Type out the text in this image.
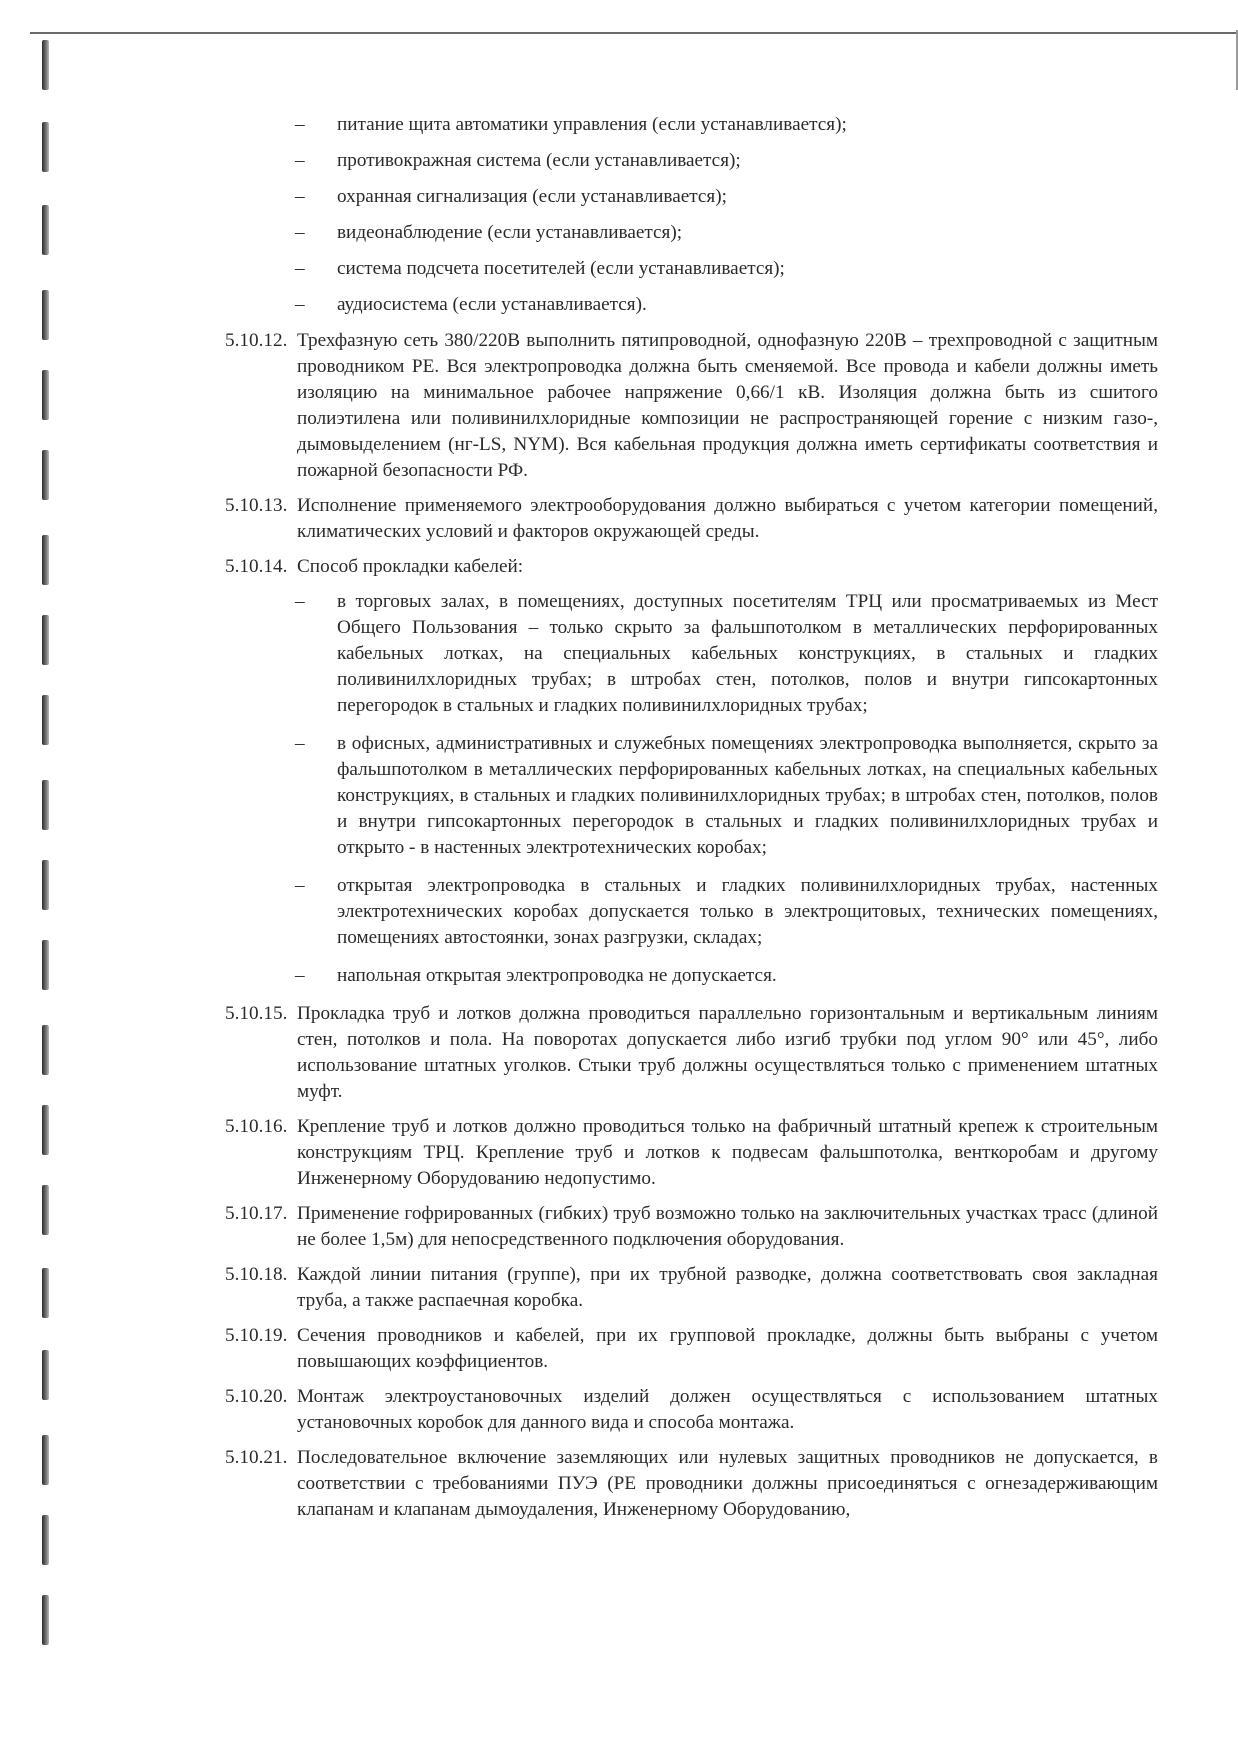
–	питание щита автоматики управления (если устанавливается);
–	противокражная система (если устанавливается);
–	охранная сигнализация (если устанавливается);
–	видеонаблюдение (если устанавливается);
–	система подсчета посетителей (если устанавливается);
–	аудиосистема (если устанавливается).
5.10.12. Трехфазную сеть 380/220В выполнить пятипроводной, однофазную 220В – трехпроводной с защитным проводником PE. Вся электропроводка должна быть сменяемой. Все провода и кабели должны иметь изоляцию на минимальное рабочее напряжение 0,66/1 кВ. Изоляция должна быть из сшитого полиэтилена или поливинилхлоридные композиции не распространяющей горение с низким газо-, дымовыделением (нг-LS, NYM). Вся кабельная продукция должна иметь сертификаты соответствия и пожарной безопасности РФ.

5.10.13. Исполнение применяемого электрооборудования должно выбираться с учетом категории помещений, климатических условий и факторов окружающей среды.

5.10.14. Способ прокладки кабелей:

–	в торговых залах, в помещениях, доступных посетителям ТРЦ или просматриваемых из Мест Общего Пользования – только скрыто за фальшпотолком в металлических перфорированных кабельных лотках, на специальных кабельных конструкциях, в стальных и гладких поливинилхлоридных трубах; в штробах стен, потолков, полов и внутри гипсокартонных перегородок в стальных и гладких поливинилхлоридных трубах;
–	в офисных, административных и служебных помещениях электропроводка выполняется, скрыто за фальшпотолком в металлических перфорированных кабельных лотках, на специальных кабельных конструкциях, в стальных и гладких поливинилхлоридных трубах; в штробах стен, потолков, полов и внутри гипсокартонных перегородок в стальных и гладких поливинилхлоридных трубах и открыто - в настенных электротехнических коробах;
–	открытая электропроводка в стальных и гладких поливинилхлоридных трубах, настенных электротехнических коробах допускается только в электрощитовых, технических помещениях, помещениях автостоянки, зонах разгрузки, складах;
–	напольная открытая электропроводка не допускается.
5.10.15. Прокладка труб и лотков должна проводиться параллельно горизонтальным и вертикальным линиям стен, потолков и пола. На поворотах допускается либо изгиб трубки под углом 90° или 45°, либо использование штатных уголков. Стыки труб должны осуществляться только с применением штатных муфт.

5.10.16. Крепление труб и лотков должно проводиться только на фабричный штатный крепеж к строительным конструкциям ТРЦ. Крепление труб и лотков к подвесам фальшпотолка, венткоробам и другому Инженерному Оборудованию недопустимо.

5.10.17. Применение гофрированных (гибких) труб возможно только на заключительных участках трасс (длиной не более 1,5м) для непосредственного подключения оборудования.

5.10.18. Каждой линии питания (группе), при их трубной разводке, должна соответствовать своя закладная труба, а также распаечная коробка.

5.10.19. Сечения проводников и кабелей, при их групповой прокладке, должны быть выбраны с учетом повышающих коэффициентов.

5.10.20. Монтаж электроустановочных изделий должен осуществляться с использованием штатных установочных коробок для данного вида и способа монтажа.

5.10.21. Последовательное включение заземляющих или нулевых защитных проводников не допускается, в соответствии с требованиями ПУЭ (PE проводники должны присоединяться с огнезадерживающим клапанам и клапанам дымоудаления, Инженерному Оборудованию,
